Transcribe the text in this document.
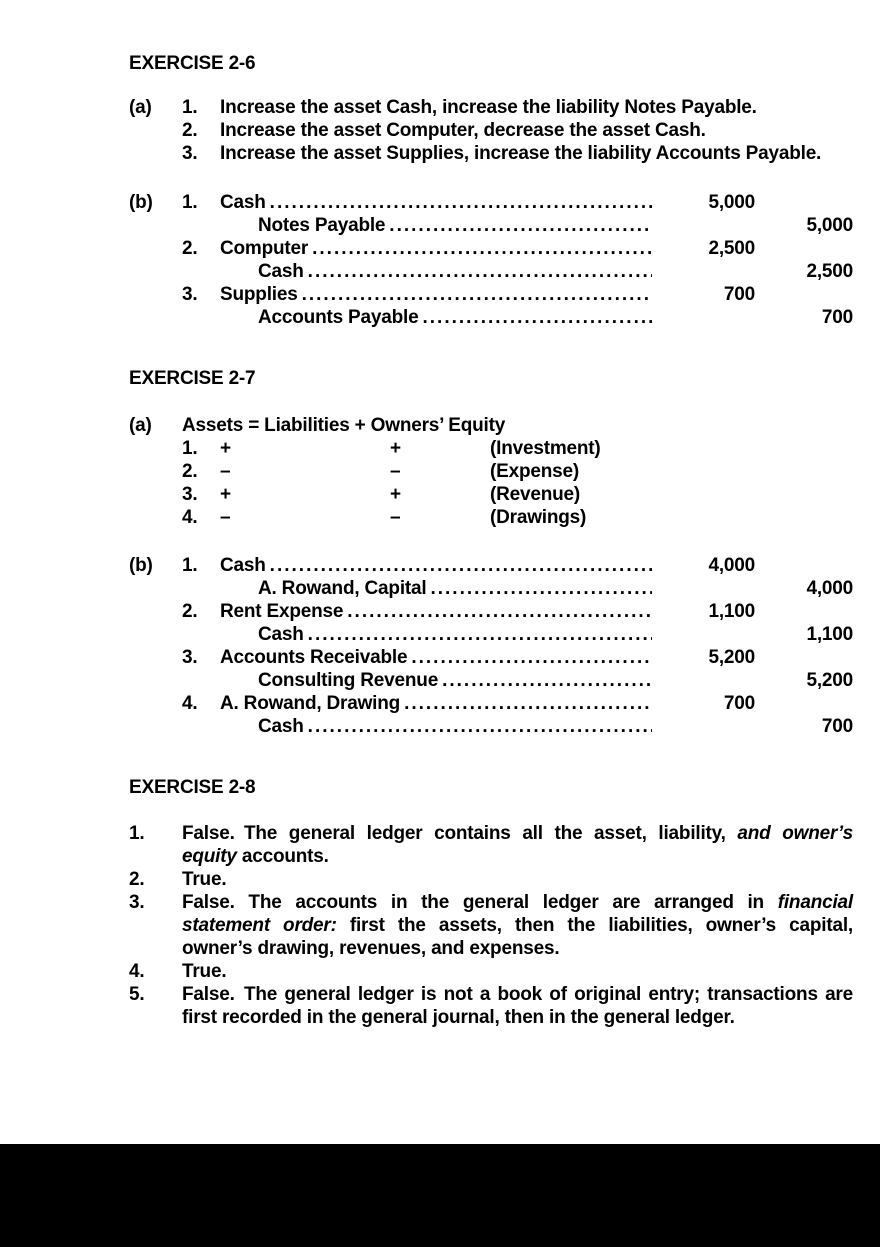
EXERCISE 2-6
(a)	1.	Increase the asset Cash, increase the liability Notes Payable.
2.	Increase the asset Computer, decrease the asset Cash.
3.	Increase the asset Supplies, increase the liability Accounts Payable.
(b)	1.	Cash .....	5,000
Notes Payable .....	5,000
2.	Computer .....	2,500
Cash .....	2,500
3.	Supplies .....	700
Accounts Payable .....	700
EXERCISE 2-7
(a)	Assets = Liabilities + Owners’ Equity
1.	+	+	(Investment)
2.	–	–	(Expense)
3.	+	+	(Revenue)
4.	–	–	(Drawings)
(b)	1.	Cash .....	4,000
A. Rowand, Capital .....	4,000
2.	Rent Expense .....	1,100
Cash .....	1,100
3.	Accounts Receivable .....	5,200
Consulting Revenue .....	5,200
4.	A. Rowand, Drawing .....	700
Cash .....	700
EXERCISE 2-8
1.	False. The general ledger contains all the asset, liability, and owner’s equity accounts.
2.	True.
3.	False. The accounts in the general ledger are arranged in financial statement order: first the assets, then the liabilities, owner’s capital, owner’s drawing, revenues, and expenses.
4.	True.
5.	False. The general ledger is not a book of original entry; transactions are first recorded in the general journal, then in the general ledger.
